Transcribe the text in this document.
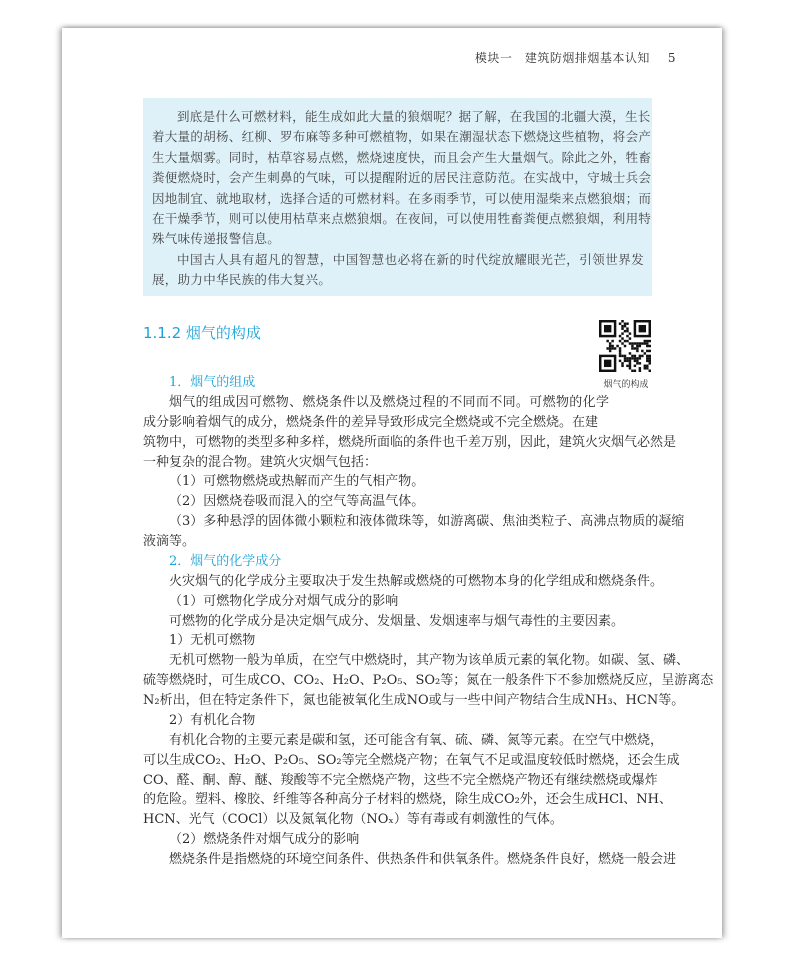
模块一　建筑防烟排烟基本认知 5
到底是什么可燃材料，能生成如此大量的狼烟呢？据了解，在我国的北疆大漠，生长
着大量的胡杨、红柳、罗布麻等多种可燃植物，如果在潮湿状态下燃烧这些植物，将会产
生大量烟雾。同时，枯草容易点燃，燃烧速度快，而且会产生大量烟气。除此之外，牲畜
粪便燃烧时，会产生刺鼻的气味，可以提醒附近的居民注意防范。在实战中，守城士兵会
因地制宜、就地取材，选择合适的可燃材料。在多雨季节，可以使用湿柴来点燃狼烟；而
在干燥季节，则可以使用枯草来点燃狼烟。在夜间，可以使用牲畜粪便点燃狼烟，利用特
殊气味传递报警信息。
中国古人具有超凡的智慧，中国智慧也必将在新的时代绽放耀眼光芒，引领世界发
展，助力中华民族的伟大复兴。
1.1.2 烟气的构成
烟气的构成
1．烟气的组成
烟气的组成因可燃物、燃烧条件以及燃烧过程的不同而不同。可燃物的化学
成分影响着烟气的成分，燃烧条件的差异导致形成完全燃烧或不完全燃烧。在建
筑物中，可燃物的类型多种多样，燃烧所面临的条件也千差万别，因此，建筑火灾烟气必然是
一种复杂的混合物。建筑火灾烟气包括：
（1）可燃物燃烧或热解而产生的气相产物。
（2）因燃烧卷吸而混入的空气等高温气体。
（3）多种悬浮的固体微小颗粒和液体微珠等，如游离碳、焦油类粒子、高沸点物质的凝缩
液滴等。
2．烟气的化学成分
火灾烟气的化学成分主要取决于发生热解或燃烧的可燃物本身的化学组成和燃烧条件。
（1）可燃物化学成分对烟气成分的影响
可燃物的化学成分是决定烟气成分、发烟量、发烟速率与烟气毒性的主要因素。
1）无机可燃物
无机可燃物一般为单质，在空气中燃烧时，其产物为该单质元素的氧化物。如碳、氢、磷、
硫等燃烧时，可生成CO、CO₂、H₂O、P₂O₅、SO₂等；氮在一般条件下不参加燃烧反应，呈游离态
N₂析出，但在特定条件下，氮也能被氧化生成NO或与一些中间产物结合生成NH₃、HCN等。
2）有机化合物
有机化合物的主要元素是碳和氢，还可能含有氧、硫、磷、氮等元素。在空气中燃烧，
可以生成CO₂、H₂O、P₂O₅、SO₂等完全燃烧产物；在氧气不足或温度较低时燃烧，还会生成
CO、醛、酮、醇、醚、羧酸等不完全燃烧产物，这些不完全燃烧产物还有继续燃烧或爆炸
的危险。塑料、橡胶、纤维等各种高分子材料的燃烧，除生成CO₂外，还会生成HCl、NH、
HCN、光气（COCl）以及氮氧化物（NOₓ）等有毒或有刺激性的气体。
（2）燃烧条件对烟气成分的影响
燃烧条件是指燃烧的环境空间条件、供热条件和供氧条件。燃烧条件良好，燃烧一般会进
